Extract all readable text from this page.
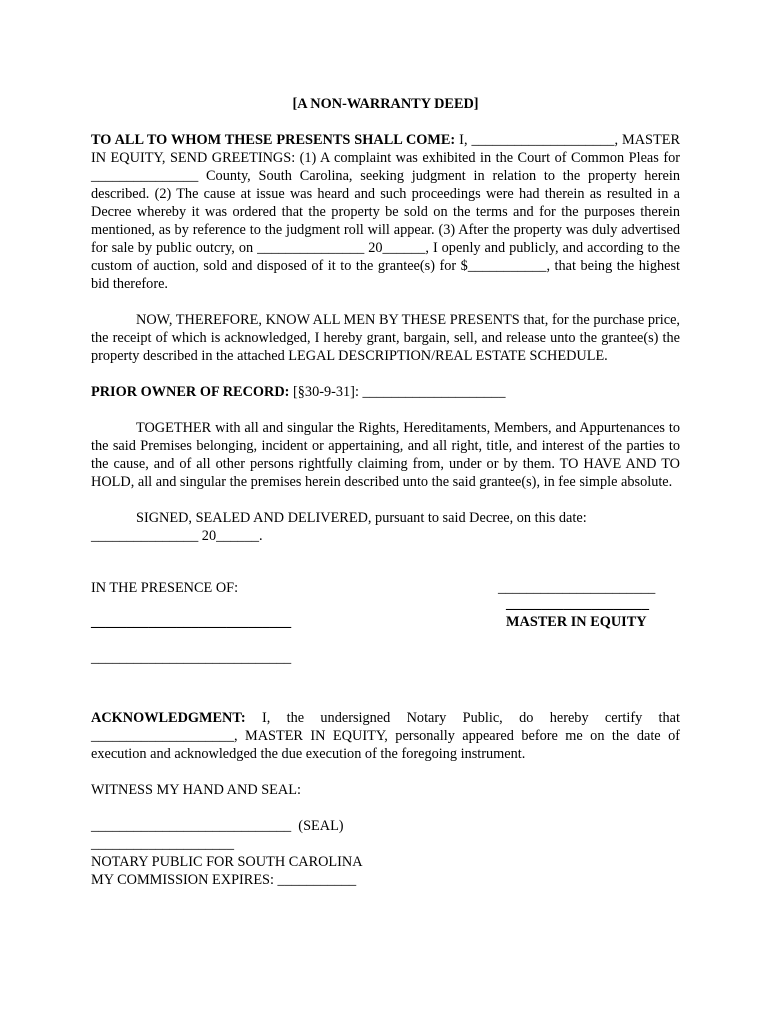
[A NON-WARRANTY DEED]

TO ALL TO WHOM THESE PRESENTS SHALL COME: I, ____________________, MASTER IN EQUITY, SEND GREETINGS: (1) A complaint was exhibited in the Court of Common Pleas for _______________ County, South Carolina, seeking judgment in relation to the property herein described. (2) The cause at issue was heard and such proceedings were had therein as resulted in a Decree whereby it was ordered that the property be sold on the terms and for the purposes therein mentioned, as by reference to the judgment roll will appear. (3) After the property was duly advertised for sale by public outcry, on _______________ 20______, I openly and publicly, and according to the custom of auction, sold and disposed of it to the grantee(s) for $___________, that being the highest bid therefore.

NOW, THEREFORE, KNOW ALL MEN BY THESE PRESENTS that, for the purchase price, the receipt of which is acknowledged, I hereby grant, bargain, sell, and release unto the grantee(s) the property described in the attached LEGAL DESCRIPTION/REAL ESTATE SCHEDULE.

PRIOR OWNER OF RECORD: [§30-9-31]: ____________________

TOGETHER with all and singular the Rights, Hereditaments, Members, and Appurtenances to the said Premises belonging, incident or appertaining, and all right, title, and interest of the parties to the cause, and of all other persons rightfully claiming from, under or by them. TO HAVE AND TO HOLD, all and singular the premises herein described unto the said grantee(s), in fee simple absolute.

SIGNED, SEALED AND DELIVERED, pursuant to said Decree, on this date:

_______________ 20______.

IN THE PRESENCE OF:	______________________
____________________
MASTER IN EQUITY
____________________________

____________________________

ACKNOWLEDGMENT: I, the undersigned Notary Public, do hereby certify that ____________________, MASTER IN EQUITY, personally appeared before me on the date of execution and acknowledged the due execution of the foregoing instrument.

WITNESS MY HAND AND SEAL:

____________________________  (SEAL)

____________________

NOTARY PUBLIC FOR SOUTH CAROLINA

MY COMMISSION EXPIRES: ___________
